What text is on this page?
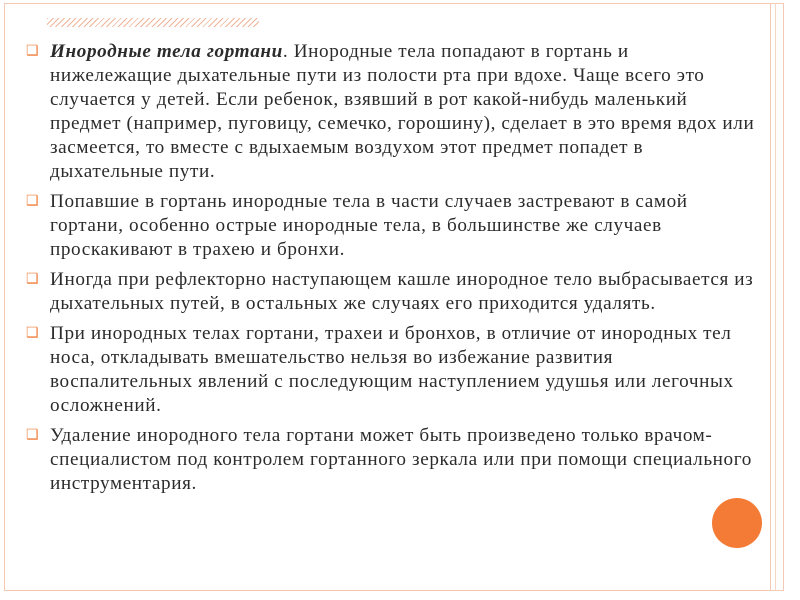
❑ Инородные тела гортани. Инородные тела попадают в гортань и нижележащие дыхательные пути из полости рта при вдохе. Чаще всего это случается у детей. Если ребенок, взявший в рот какой-нибудь маленький предмет (например, пуговицу, семечко, горошину), сделает в это время вдох или засмеется, то вместе с вдыхаемым воздухом этот предмет попадет в дыхательные пути.
❑ Попавшие в гортань инородные тела в части случаев застревают в самой гортани, особенно острые инородные тела, в большинстве же случаев проскакивают в трахею и бронхи.
❑ Иногда при рефлекторно наступающем кашле инородное тело выбрасывается из дыхательных путей, в остальных же случаях его приходится удалять.
❑ При инородных телах гортани, трахеи и бронхов, в отличие от инородных тел носа, откладывать вмешательство нельзя во избежание развития воспалительных явлений с последующим наступлением удушья или легочных осложнений.
❑ Удаление инородного тела гортани может быть произведено только врачом-специалистом под контролем гортанного зеркала или при помощи специального инструментария.
